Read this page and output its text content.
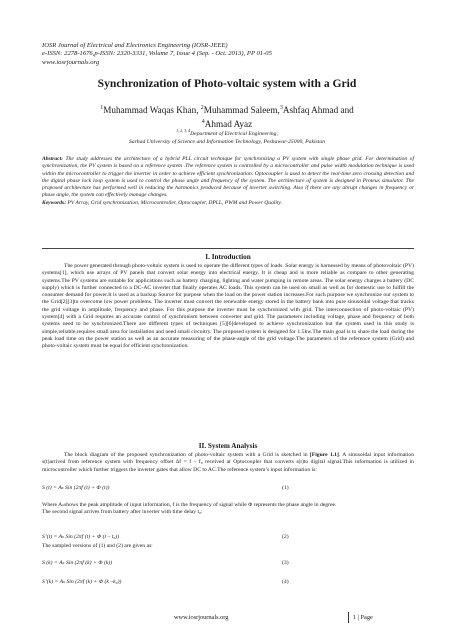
IOSR Journal of Electrical and Electronics Engineering (IOSR-JEEE)
e-ISSN: 2278-1676,p-ISSN: 2320-3331, Volume 7, Issue 4 (Sep. - Oct. 2013), PP 01-05
www.iosrjournals.org
Synchronization of Photo-voltaic system with a Grid
$^1$Muhammad Waqas Khan, $^2$Muhammad Saleem,$^3$Ashfaq Ahmad and
$^4$Ahmad Ayaz
$^{1, 2, 3, 4}$Department of Electrical Engineering,
Sarhad University of Science and Information Technology, Peshawar-25000, Pakistan
Abstract: The study addresses the architecture of a hybrid PLL circuit technique for synchronizing a PV system with single phase grid. For determination of synchronization, the PV system is based on a reference system .The reference system is controlled by a microcontroller and pulse width modulation technique is used within the microcontroller to trigger the inverter in order to achieve efficient synchronization. Optocoupler is used to detect the real-time zero crossing detection and the digital phase lock loop system is used to control the phase angle and frequency of the system. The architecture of system is designed in Proteus simulator. The proposed architecture has performed well in reducing the harmonics produced because of inverter switching. Also if there are any abrupt changes in frequency or phase angle, the system can effectively manage changes.
Keywords: PV Array, Grid synchronization, Microcontroller, Optocoupler, DPLL, PWM and Power Quality.
I. Introduction

The power generated through photo-voltaic system is used to operate the different types of loads. Solar energy is harnessed by means of photovoltaic (PV) systems[1], which use arrays of PV panels that convert solar energy into electrical energy. It is cheap and is more reliable as compare to other generating systems.The PV systems are suitable for applications such as battery charging, lighting and water pumping in remote areas. The solar energy charges a battery (DC supply) which is further connected to a DC-AC inverter that finally operates AC loads. This system can be used on small as well as for domestic use to fulfill the consumer demand for power.It is used as a backup Source for purpose when the load on the power station increases.For such purpose we synchronize our system to the Grid[2][3]to overcome low power problems. The inverter must convert the renewable energy stored in the battery bank into pure sinusoidal voltage that tracks the grid voltage in amplitude, frequency and phase. For this purpose the inverter must be synchronized with grid. The interconnection of photo-voltaic (PV) system[4] with a Grid requires an accurate control of synchronism between converter and grid. The parameters including voltage, phase and frequency of both systems need to be synchronized.There are different types of techniques [5][6]developed to achieve synchronization but the system used in this study is simple,reliable,requires small area for installation and need small circuitry. The proposed system is designed for 1.5kw.The main goal is to share the load during the peak load time on the power station as well as an accurate measuring of the phase-angle of the grid voltage.The parameters of the reference system (Grid) and photo-voltaic system must be equal for efficient synchronization.

II. System Analysis

The block diagram of the proposed synchronization of photo-voltaic system with a Grid is sketched in [Figure 1.1]. A sinusoidal input information s(t)arrived from reference system with frequency offset Δf = f – f₀ received at Optocoupler that converts s(t)to digital signal.This information is utilized in microcontroller which further triggers the inverter gates that allow DC to AC.The reference system’s input information is:

S (t) = Aₛ Sin (2πf (t) + Φ (t))	(1)
Where Aₛshows the peak amplitude of input information, f is the frequency of signal while Φ represents the phase angle in degree.
The second signal arrives from battery after inverter with time delay t₀:
S’(t) = Aₛ Sin (2πf (t) + Φ (t – t₀))	(2)
The sampled versions of (1) and (2) are given as:
S (k) = Aₛ Sin (2πf (k) + Φ (k))	(3)
S’(k) = Aₛ Sin (2πf (k) + Φ (k –k₀))	(4)
www.iosrjournals.org	1 | Page
